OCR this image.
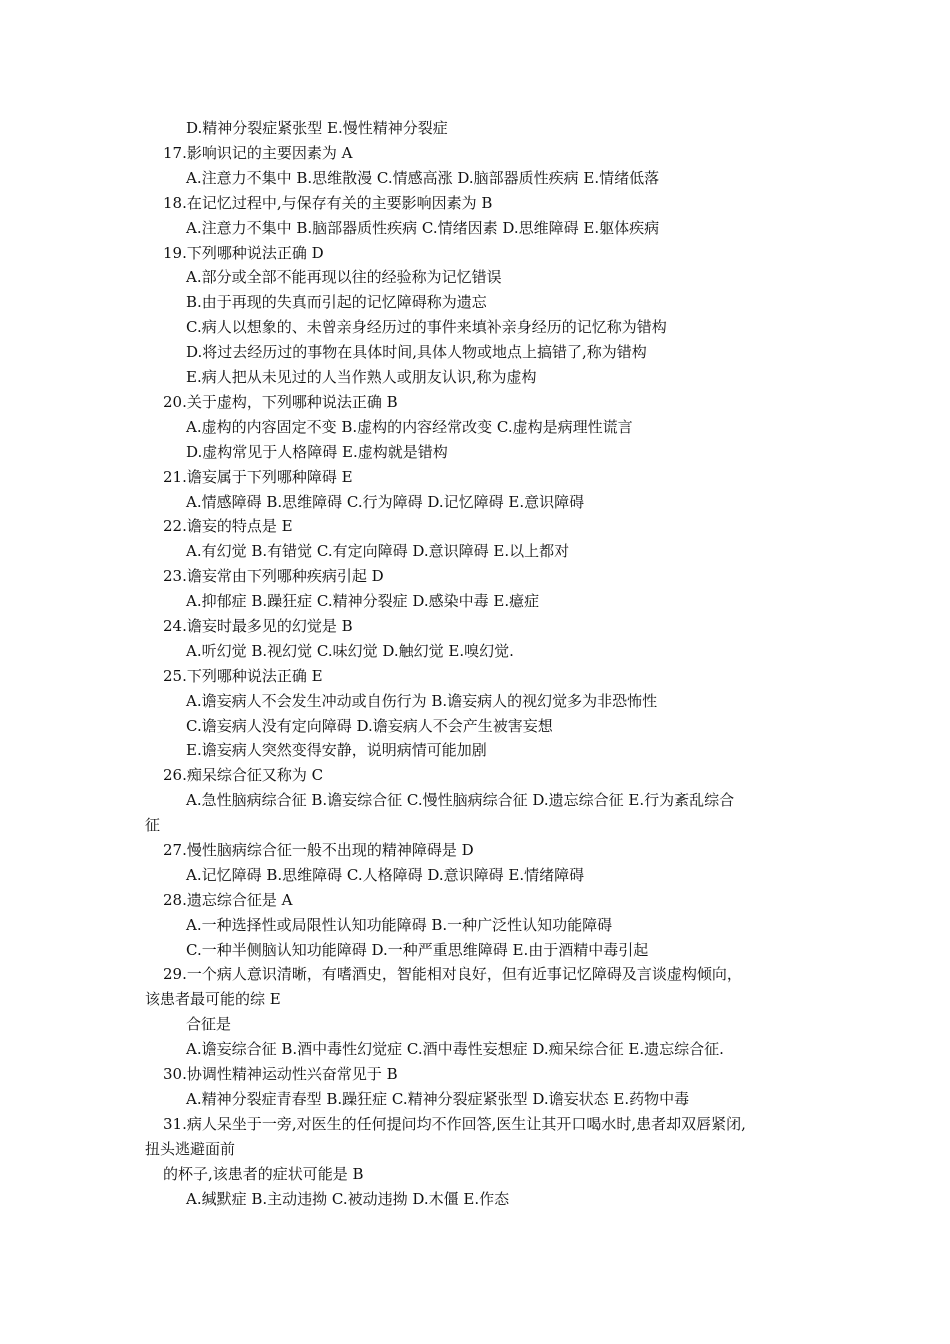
D.精神分裂症紧张型 E.慢性精神分裂症
17.影响识记的主要因素为 A
A.注意力不集中 B.思维散漫 C.情感高涨 D.脑部器质性疾病 E.情绪低落
18.在记忆过程中,与保存有关的主要影响因素为 B
A.注意力不集中 B.脑部器质性疾病 C.情绪因素 D.思维障碍 E.躯体疾病
19.下列哪种说法正确 D
A.部分或全部不能再现以往的经验称为记忆错误
B.由于再现的失真而引起的记忆障碍称为遗忘
C.病人以想象的、未曾亲身经历过的事件来填补亲身经历的记忆称为错构
D.将过去经历过的事物在具体时间,具体人物或地点上搞错了,称为错构
E.病人把从未见过的人当作熟人或朋友认识,称为虚构
20.关于虚构，下列哪种说法正确 B
A.虚构的内容固定不变 B.虚构的内容经常改变 C.虚构是病理性谎言
D.虚构常见于人格障碍 E.虚构就是错构
21.谵妄属于下列哪种障碍 E
A.情感障碍 B.思维障碍 C.行为障碍 D.记忆障碍 E.意识障碍
22.谵妄的特点是 E
A.有幻觉 B.有错觉 C.有定向障碍 D.意识障碍 E.以上都对
23.谵妄常由下列哪种疾病引起 D
A.抑郁症 B.躁狂症 C.精神分裂症 D.感染中毒 E.癔症
24.谵妄时最多见的幻觉是 B
A.听幻觉 B.视幻觉 C.味幻觉 D.触幻觉 E.嗅幻觉.
25.下列哪种说法正确 E
A.谵妄病人不会发生冲动或自伤行为 B.谵妄病人的视幻觉多为非恐怖性
C.谵妄病人没有定向障碍 D.谵妄病人不会产生被害妄想
E.谵妄病人突然变得安静，说明病情可能加剧
26.痴呆综合征又称为 C
A.急性脑病综合征 B.谵妄综合征 C.慢性脑病综合征 D.遗忘综合征 E.行为紊乱综合
征
27.慢性脑病综合征一般不出现的精神障碍是 D
A.记忆障碍 B.思维障碍 C.人格障碍 D.意识障碍 E.情绪障碍
28.遗忘综合征是 A
A.一种选择性或局限性认知功能障碍 B.一种广泛性认知功能障碍
C.一种半侧脑认知功能障碍 D.一种严重思维障碍 E.由于酒精中毒引起
29.一个病人意识清晰，有嗜酒史，智能相对良好，但有近事记忆障碍及言谈虚构倾向，
该患者最可能的综 E
合征是
A.谵妄综合征 B.酒中毒性幻觉症 C.酒中毒性妄想症 D.痴呆综合征 E.遗忘综合征.
30.协调性精神运动性兴奋常见于 B
A.精神分裂症青春型 B.躁狂症 C.精神分裂症紧张型 D.谵妄状态 E.药物中毒
31.病人呆坐于一旁,对医生的任何提问均不作回答,医生让其开口喝水时,患者却双唇紧闭,
扭头逃避面前
的杯子,该患者的症状可能是 B
A.缄默症 B.主动违拗 C.被动违拗 D.木僵 E.作态
